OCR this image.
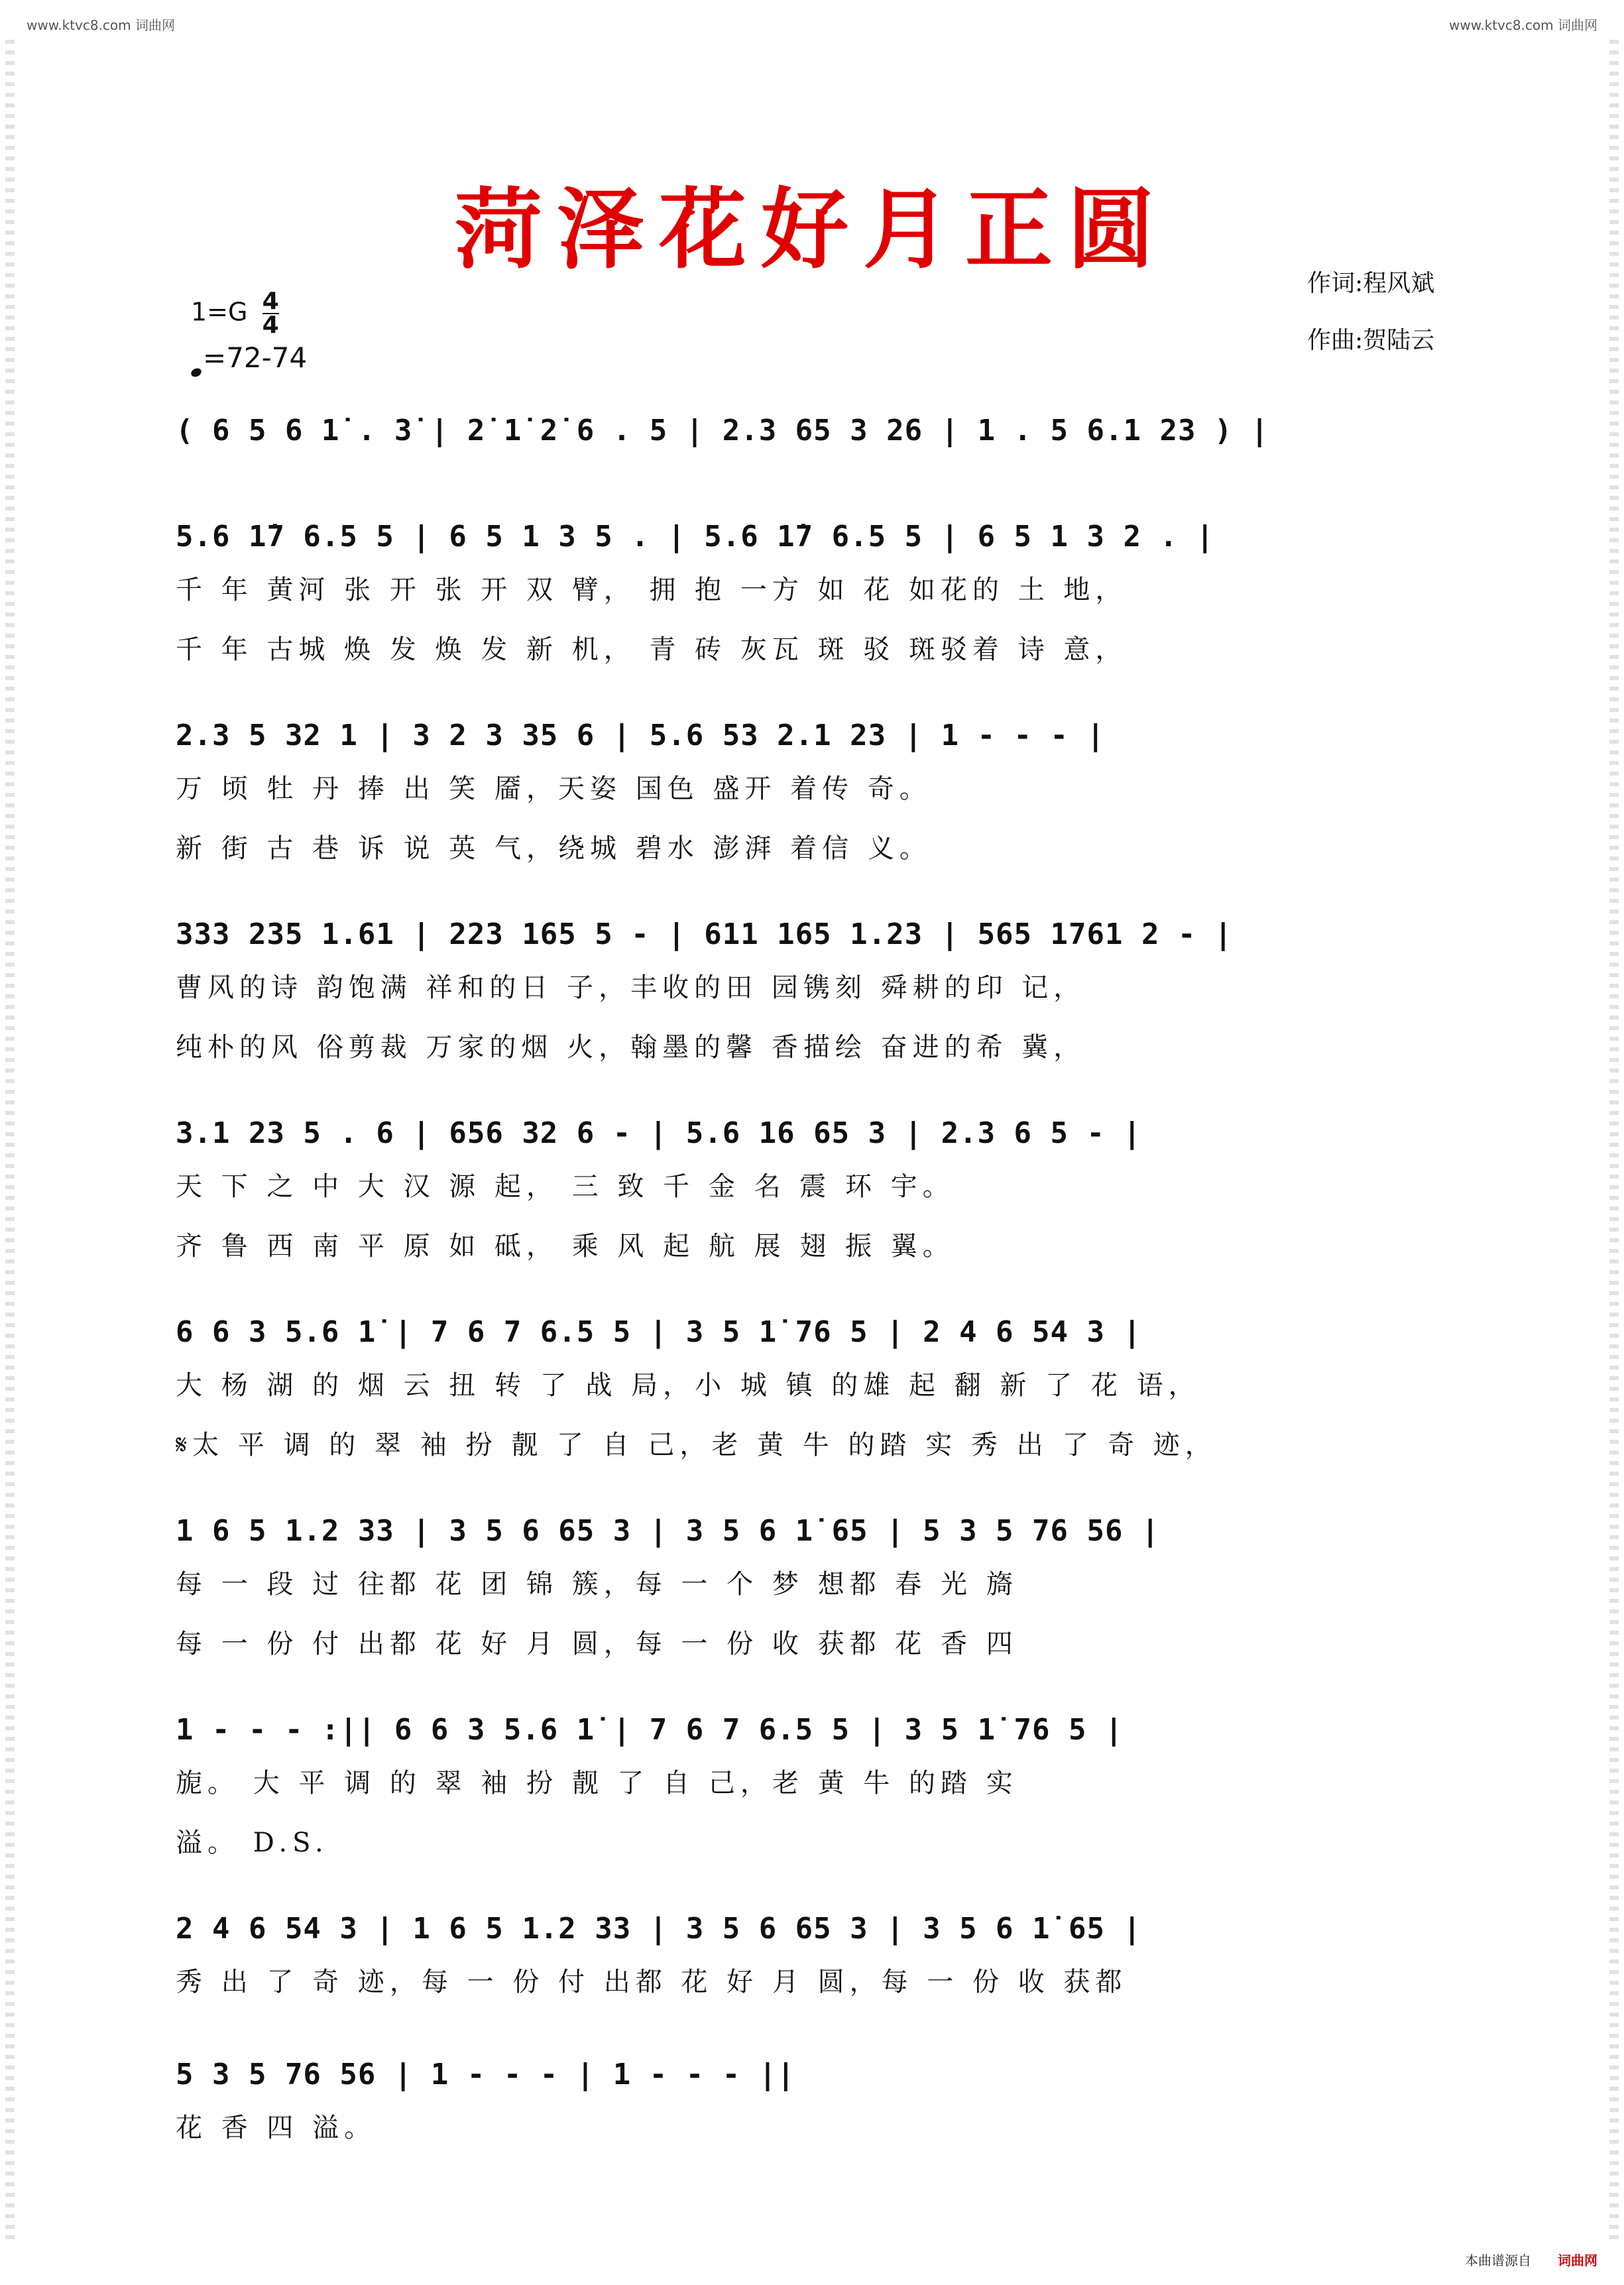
www.ktvc8.com 词曲网	www.ktvc8.com 词曲网
菏泽花好月正圆
作词:程风斌
作曲:贺陆云
$1=G \frac{4}{4}$
=72-74
( 6 5 6 1̇ . 3̇ | 2̇ 1̇ 2̇ 6 . 5 | 2.3 65 3 26 | 1 . 5 6.1 23 ) |
5.6 1̇7 6.5 5 | 6 5 1 3 5 . | 5.6 1̇7 6.5 5 | 6 5 1 3 2 . |
千 年 黄河 张 开 张 开 双 臂， 拥 抱 一方 如 花 如花的 土 地，
千 年 古城 焕 发 焕 发 新 机， 青 砖 灰瓦 斑 驳 斑驳着 诗 意，
2.3 5 32 1 | 3 2 3 35 6 | 5.6 53 2.1 23 | 1 - - - |
万 顷 牡 丹 捧 出 笑 靥，天姿 国色 盛开 着传 奇。
新 街 古 巷 诉 说 英 气，绕城 碧水 澎湃 着信 义。
333 235 1.61 | 223 165 5 - | 611 165 1.23 | 565 1761 2 - |
曹风的诗 韵饱满 祥和的日 子，丰收的田 园镌刻 舜耕的印 记，
纯朴的风 俗剪裁 万家的烟 火，翰墨的馨 香描绘 奋进的希 冀，
3.1 23 5 . 6 | 656 32 6 - | 5.6 16 65 3 | 2.3 6 5 - |
天 下 之 中 大 汉 源 起， 三 致 千 金 名 震 环 宇。
齐 鲁 西 南 平 原 如 砥， 乘 风 起 航 展 翅 振 翼。
6 6 3 5.6 1̇ | 7 6 7 6.5 5 | 3 5 1̇ 76 5 | 2 4 6 54 3 |
大 杨 湖 的 烟 云 扭 转 了 战 局，小 城 镇 的雄 起 翻 新 了 花 语，
𝄋太 平 调 的 翠 袖 扮 靓 了 自 己，老 黄 牛 的踏 实 秀 出 了 奇 迹，
1 6 5 1.2 33 | 3 5 6 65 3 | 3 5 6 1̇ 65 | 5 3 5 76 56 |
每 一 段 过 往都 花 团 锦 簇，每 一 个 梦 想都 春 光 旖
每 一 份 付 出都 花 好 月 圆，每 一 份 收 获都 花 香 四
1 - - - :|| 6 6 3 5.6 1̇ | 7 6 7 6.5 5 | 3 5 1̇ 76 5 |
旎。 大 平 调 的 翠 袖 扮 靓 了 自 己，老 黄 牛 的踏 实
溢。 D.S.
2 4 6 54 3 | 1 6 5 1.2 33 | 3 5 6 65 3 | 3 5 6 1̇ 65 |
秀 出 了 奇 迹，每 一 份 付 出都 花 好 月 圆，每 一 份 收 获都
5 3 5 76 56 | 1 - - - | 1 - - - ||
花 香 四 溢。
本曲谱源自 词曲网
